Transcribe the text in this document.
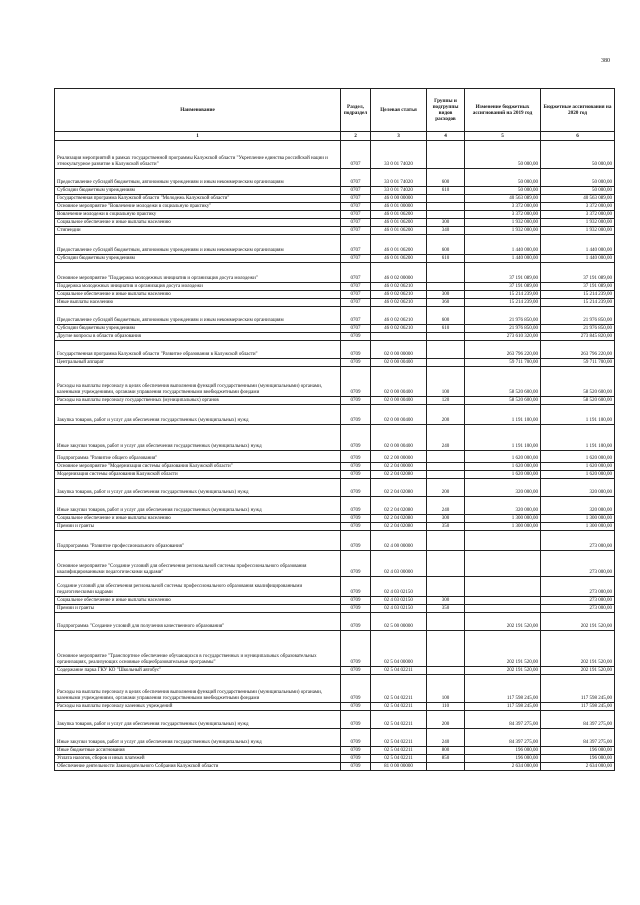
380
Наименование	Раздел, подраздел	Целевая статья	Группы и подгруппы видов расходов	Изменение бюджетных ассигнований на 2019 год	Бюджетные ассигнования на 2020 год
1	2	3	4	5	6
Реализация мероприятий в рамках государственной программы Калужской области "Укрепление единства российской нации и этнокультурное развитие в Калужской области"	0707	33 0 01 74020		50 000,00	50 000,00
Предоставление субсидий бюджетным, автономным учреждениям и иным некоммерческим организациям	0707	33 0 01 74020	600	50 000,00	50 000,00
Субсидии бюджетным учреждениям	0707	33 0 01 74020	610	50 000,00	50 000,00
Государственная программа Калужской области "Молодежь Калужской области"	0707	46 0 00 00000		40 563 089,00	40 563 089,00
Основное мероприятие "Вовлечение молодежи в социальную практику"	0707	46 0 01 00000		3 372 000,00	3 372 000,00
Вовлечение молодежи в социальную практику	0707	46 0 01 06200		3 372 000,00	3 372 000,00
Социальное обеспечение и иные выплаты населению	0707	46 0 01 06200	300	1 932 000,00	1 932 000,00
Стипендии	0707	46 0 01 06200	340	1 932 000,00	1 932 000,00
Предоставление субсидий бюджетным, автономным учреждениям и иным некоммерческим организациям	0707	46 0 01 06200	600	1 440 000,00	1 440 000,00
Субсидии бюджетным учреждениям	0707	46 0 01 06200	610	1 440 000,00	1 440 000,00
Основное мероприятие "Поддержка молодежных инициатив и организация досуга молодежи"	0707	46 0 02 00000		37 191 089,00	37 191 089,00
Поддержка молодежных инициатив и организация досуга молодежи	0707	46 0 02 06210		37 191 089,00	37 191 089,00
Социальное обеспечение и иные выплаты населению	0707	46 0 02 06210	300	15 214 239,00	15 214 239,00
Иные выплаты населению	0707	46 0 02 06210	360	15 214 239,00	15 214 239,00
Предоставление субсидий бюджетным, автономным учреждениям и иным некоммерческим организациям	0707	46 0 02 06210	600	21 976 850,00	21 976 850,00
Субсидии бюджетным учреждениям	0707	46 0 02 06210	610	21 976 850,00	21 976 850,00
Другие вопросы в области образования	0709			273 610 320,00	273 845 820,00
Государственная программа Калужской области "Развитие образования в Калужской области"	0709	02 0 00 00000		263 796 220,00	263 796 220,00
Центральный аппарат	0709	02 0 00 00400		59 711 700,00	59 711 700,00
Расходы на выплаты персоналу в целях обеспечения выполнения функций государственными (муниципальными) органами, казенными учреждениями, органами управления государственными внебюджетными фондами	0709	02 0 00 00400	100	58 520 600,00	58 520 600,00
Расходы на выплаты персоналу государственных (муниципальных) органов	0709	02 0 00 00400	120	58 520 600,00	58 520 600,00
Закупка товаров, работ и услуг для обеспечения государственных (муниципальных) нужд	0709	02 0 00 00400	200	1 191 100,00	1 191 100,00
Иные закупки товаров, работ и услуг для обеспечения государственных (муниципальных) нужд	0709	02 0 00 00400	240	1 191 100,00	1 191 100,00
Подпрограмма "Развитие общего образования"	0709	02 2 00 00000		1 620 000,00	1 620 000,00
Основное мероприятие "Модернизация системы образования Калужской области"	0709	02 2 04 00000		1 620 000,00	1 620 000,00
Модернизация системы образования Калужской области	0709	02 2 04 02080		1 620 000,00	1 620 000,00
Закупка товаров, работ и услуг для обеспечения государственных (муниципальных) нужд	0709	02 2 04 02080	200	320 000,00	320 000,00
Иные закупки товаров, работ и услуг для обеспечения государственных (муниципальных) нужд	0709	02 2 04 02080	240	320 000,00	320 000,00
Социальное обеспечение и иные выплаты населению	0709	02 2 04 02080	300	1 300 000,00	1 300 000,00
Премии и гранты	0709	02 2 04 02080	350	1 300 000,00	1 300 000,00
Подпрограмма "Развитие профессионального образования"	0709	02 4 00 00000			273 000,00
Основное мероприятие "Создание условий для обеспечения региональной системы профессионального образования квалифицированными педагогическими кадрами"	0709	02 4 03 00000			273 000,00
Создание условий для обеспечения региональной системы профессионального образования квалифицированными педагогическими кадрами	0709	02 4 03 02150			273 000,00
Социальное обеспечение и иные выплаты населению	0709	02 4 03 02150	300		273 000,00
Премии и гранты	0709	02 4 03 02150	350		273 000,00
Подпрограмма "Создание условий для получения качественного образования"	0709	02 5 00 00000		202 191 520,00	202 191 520,00
Основное мероприятие "Транспортное обеспечение обучающихся в государственных и муниципальных образовательных организациях, реализующих основные общеобразовательные программы"	0709	02 5 04 00000		202 191 520,00	202 191 520,00
Содержание парка ГКУ КО "Школьный автобус"	0709	02 5 04 02211		202 191 520,00	202 191 520,00
Расходы на выплаты персоналу в целях обеспечения выполнения функций государственными (муниципальными) органами, казенными учреждениями, органами управления государственными внебюджетными фондами	0709	02 5 04 02211	100	117 598 245,00	117 598 245,00
Расходы на выплаты персоналу казенных учреждений	0709	02 5 04 02211	110	117 598 245,00	117 598 245,00
Закупка товаров, работ и услуг для обеспечения государственных (муниципальных) нужд	0709	02 5 04 02211	200	84 397 275,00	84 397 275,00
Иные закупки товаров, работ и услуг для обеспечения государственных (муниципальных) нужд	0709	02 5 04 02211	240	84 397 275,00	84 397 275,00
Иные бюджетные ассигнования	0709	02 5 04 02211	800	196 000,00	196 000,00
Уплата налогов, сборов и иных платежей	0709	02 5 04 02211	850	196 000,00	196 000,00
Обеспечение деятельности Законодательного Собрания Калужской области	0709	81 0 00 00000		2 634 000,00	2 634 000,00
